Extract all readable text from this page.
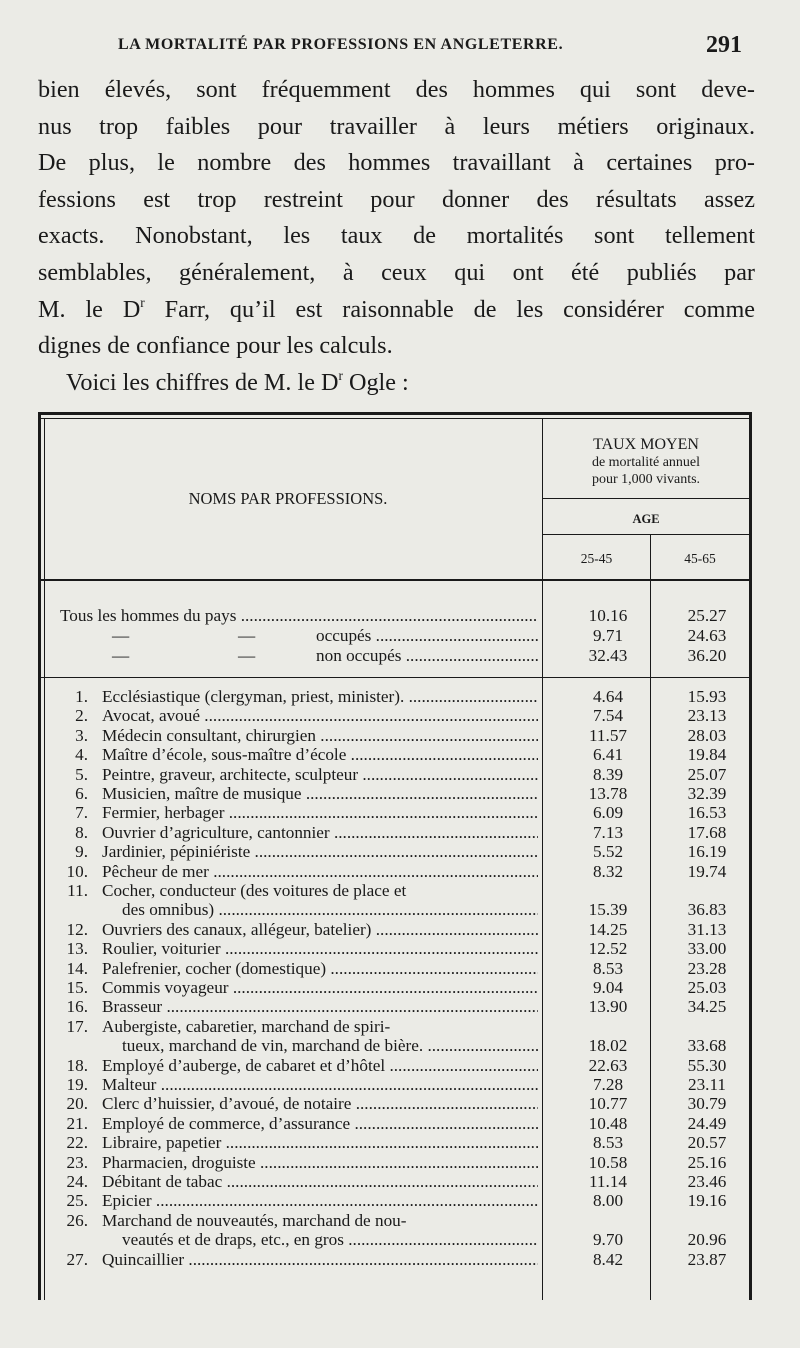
LA MORTALITÉ PAR PROFESSIONS EN ANGLETERRE.	291
bien élevés, sont fréquemment des hommes qui sont deve-
nus trop faibles pour travailler à leurs métiers originaux.
De plus, le nombre des hommes travaillant à certaines pro-
fessions est trop restreint pour donner des résultats assez
exacts. Nonobstant, les taux de mortalités sont tellement
semblables, généralement, à ceux qui ont été publiés par
M. le $D^r$ Farr, qu’il est raisonnable de les considérer comme
dignes de confiance pour les calculs.
Voici les chiffres de M. le $D^r$ Ogle :
NOMS PAR PROFESSIONS.
TAUX MOYEN
de mortalité annuel
pour 1,000 vivants.
AGE
25-45	45-65
Tous les hommes du pays .....	10.16	25.27
—	—	occupés .....	9.71	24.63
—	—	non occupés .....	32.43	36.20
1. Ecclésiastique (clergyman, priest, minister). .....	4.64	15.93
2. Avocat, avoué .....	7.54	23.13
3. Médecin consultant, chirurgien .....	11.57	28.03
4. Maître d’école, sous-maître d’école .....	6.41	19.84
5. Peintre, graveur, architecte, sculpteur .....	8.39	25.07
6. Musicien, maître de musique .....	13.78	32.39
7. Fermier, herbager .....	6.09	16.53
8. Ouvrier d’agriculture, cantonnier .....	7.13	17.68
9. Jardinier, pépiniériste .....	5.52	16.19
10. Pêcheur de mer .....	8.32	19.74
11. Cocher, conducteur (des voitures de place et
des omnibus) .....	15.39	36.83
12. Ouvriers des canaux, allégeur, batelier) .....	14.25	31.13
13. Roulier, voiturier .....	12.52	33.00
14. Palefrenier, cocher (domestique) .....	8.53	23.28
15. Commis voyageur .....	9.04	25.03
16. Brasseur .....	13.90	34.25
17. Aubergiste, cabaretier, marchand de spiri-
tueux, marchand de vin, marchand de bière. .....	18.02	33.68
18. Employé d’auberge, de cabaret et d’hôtel .....	22.63	55.30
19. Malteur .....	7.28	23.11
20. Clerc d’huissier, d’avoué, de notaire .....	10.77	30.79
21. Employé de commerce, d’assurance .....	10.48	24.49
22. Libraire, papetier .....	8.53	20.57
23. Pharmacien, droguiste .....	10.58	25.16
24. Débitant de tabac .....	11.14	23.46
25. Epicier .....	8.00	19.16
26. Marchand de nouveautés, marchand de nou-
veautés et de draps, etc., en gros .....	9.70	20.96
27. Quincaillier .....	8.42	23.87
